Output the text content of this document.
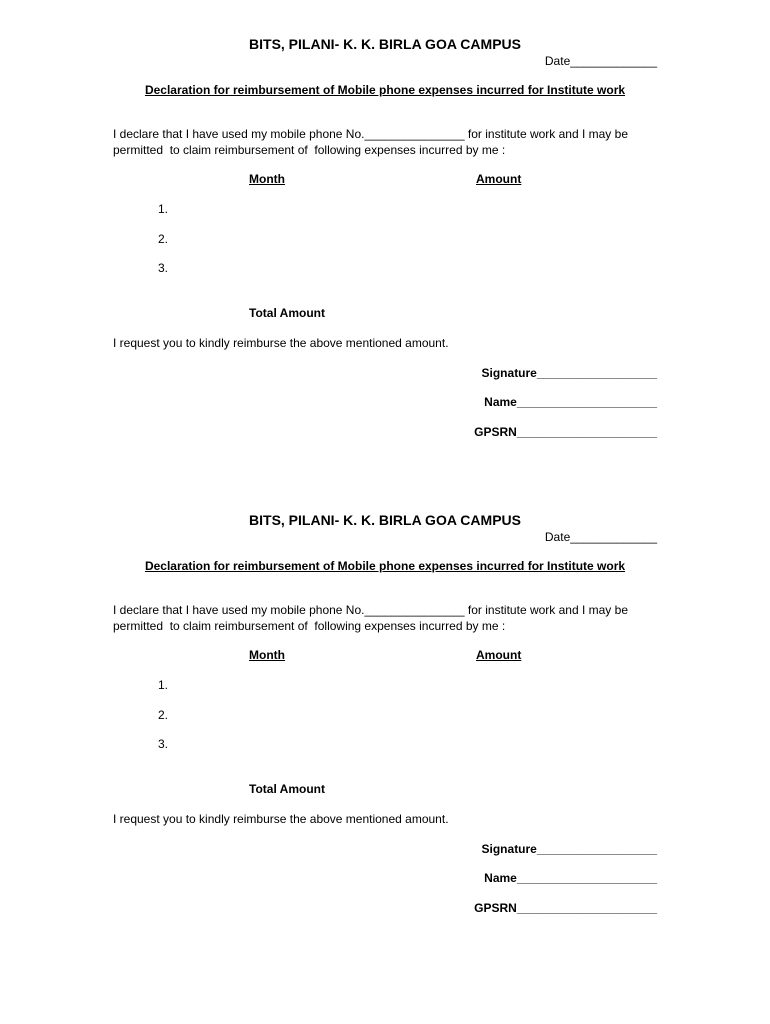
BITS, PILANI- K. K. BIRLA GOA CAMPUS
Date_____________
Declaration for reimbursement of Mobile phone expenses incurred for Institute work
I declare that I have used my mobile phone No._______________ for institute work and I may be
permitted  to claim reimbursement of  following expenses incurred by me :
Month	Amount
1.
2.
3.
Total Amount
I request you to kindly reimburse the above mentioned amount.
Signature__________________
Name_____________________
GPSRN_____________________
BITS, PILANI- K. K. BIRLA GOA CAMPUS
Date_____________
Declaration for reimbursement of Mobile phone expenses incurred for Institute work
I declare that I have used my mobile phone No._______________ for institute work and I may be
permitted  to claim reimbursement of  following expenses incurred by me :
Month	Amount
1.
2.
3.
Total Amount
I request you to kindly reimburse the above mentioned amount.
Signature__________________
Name_____________________
GPSRN_____________________
